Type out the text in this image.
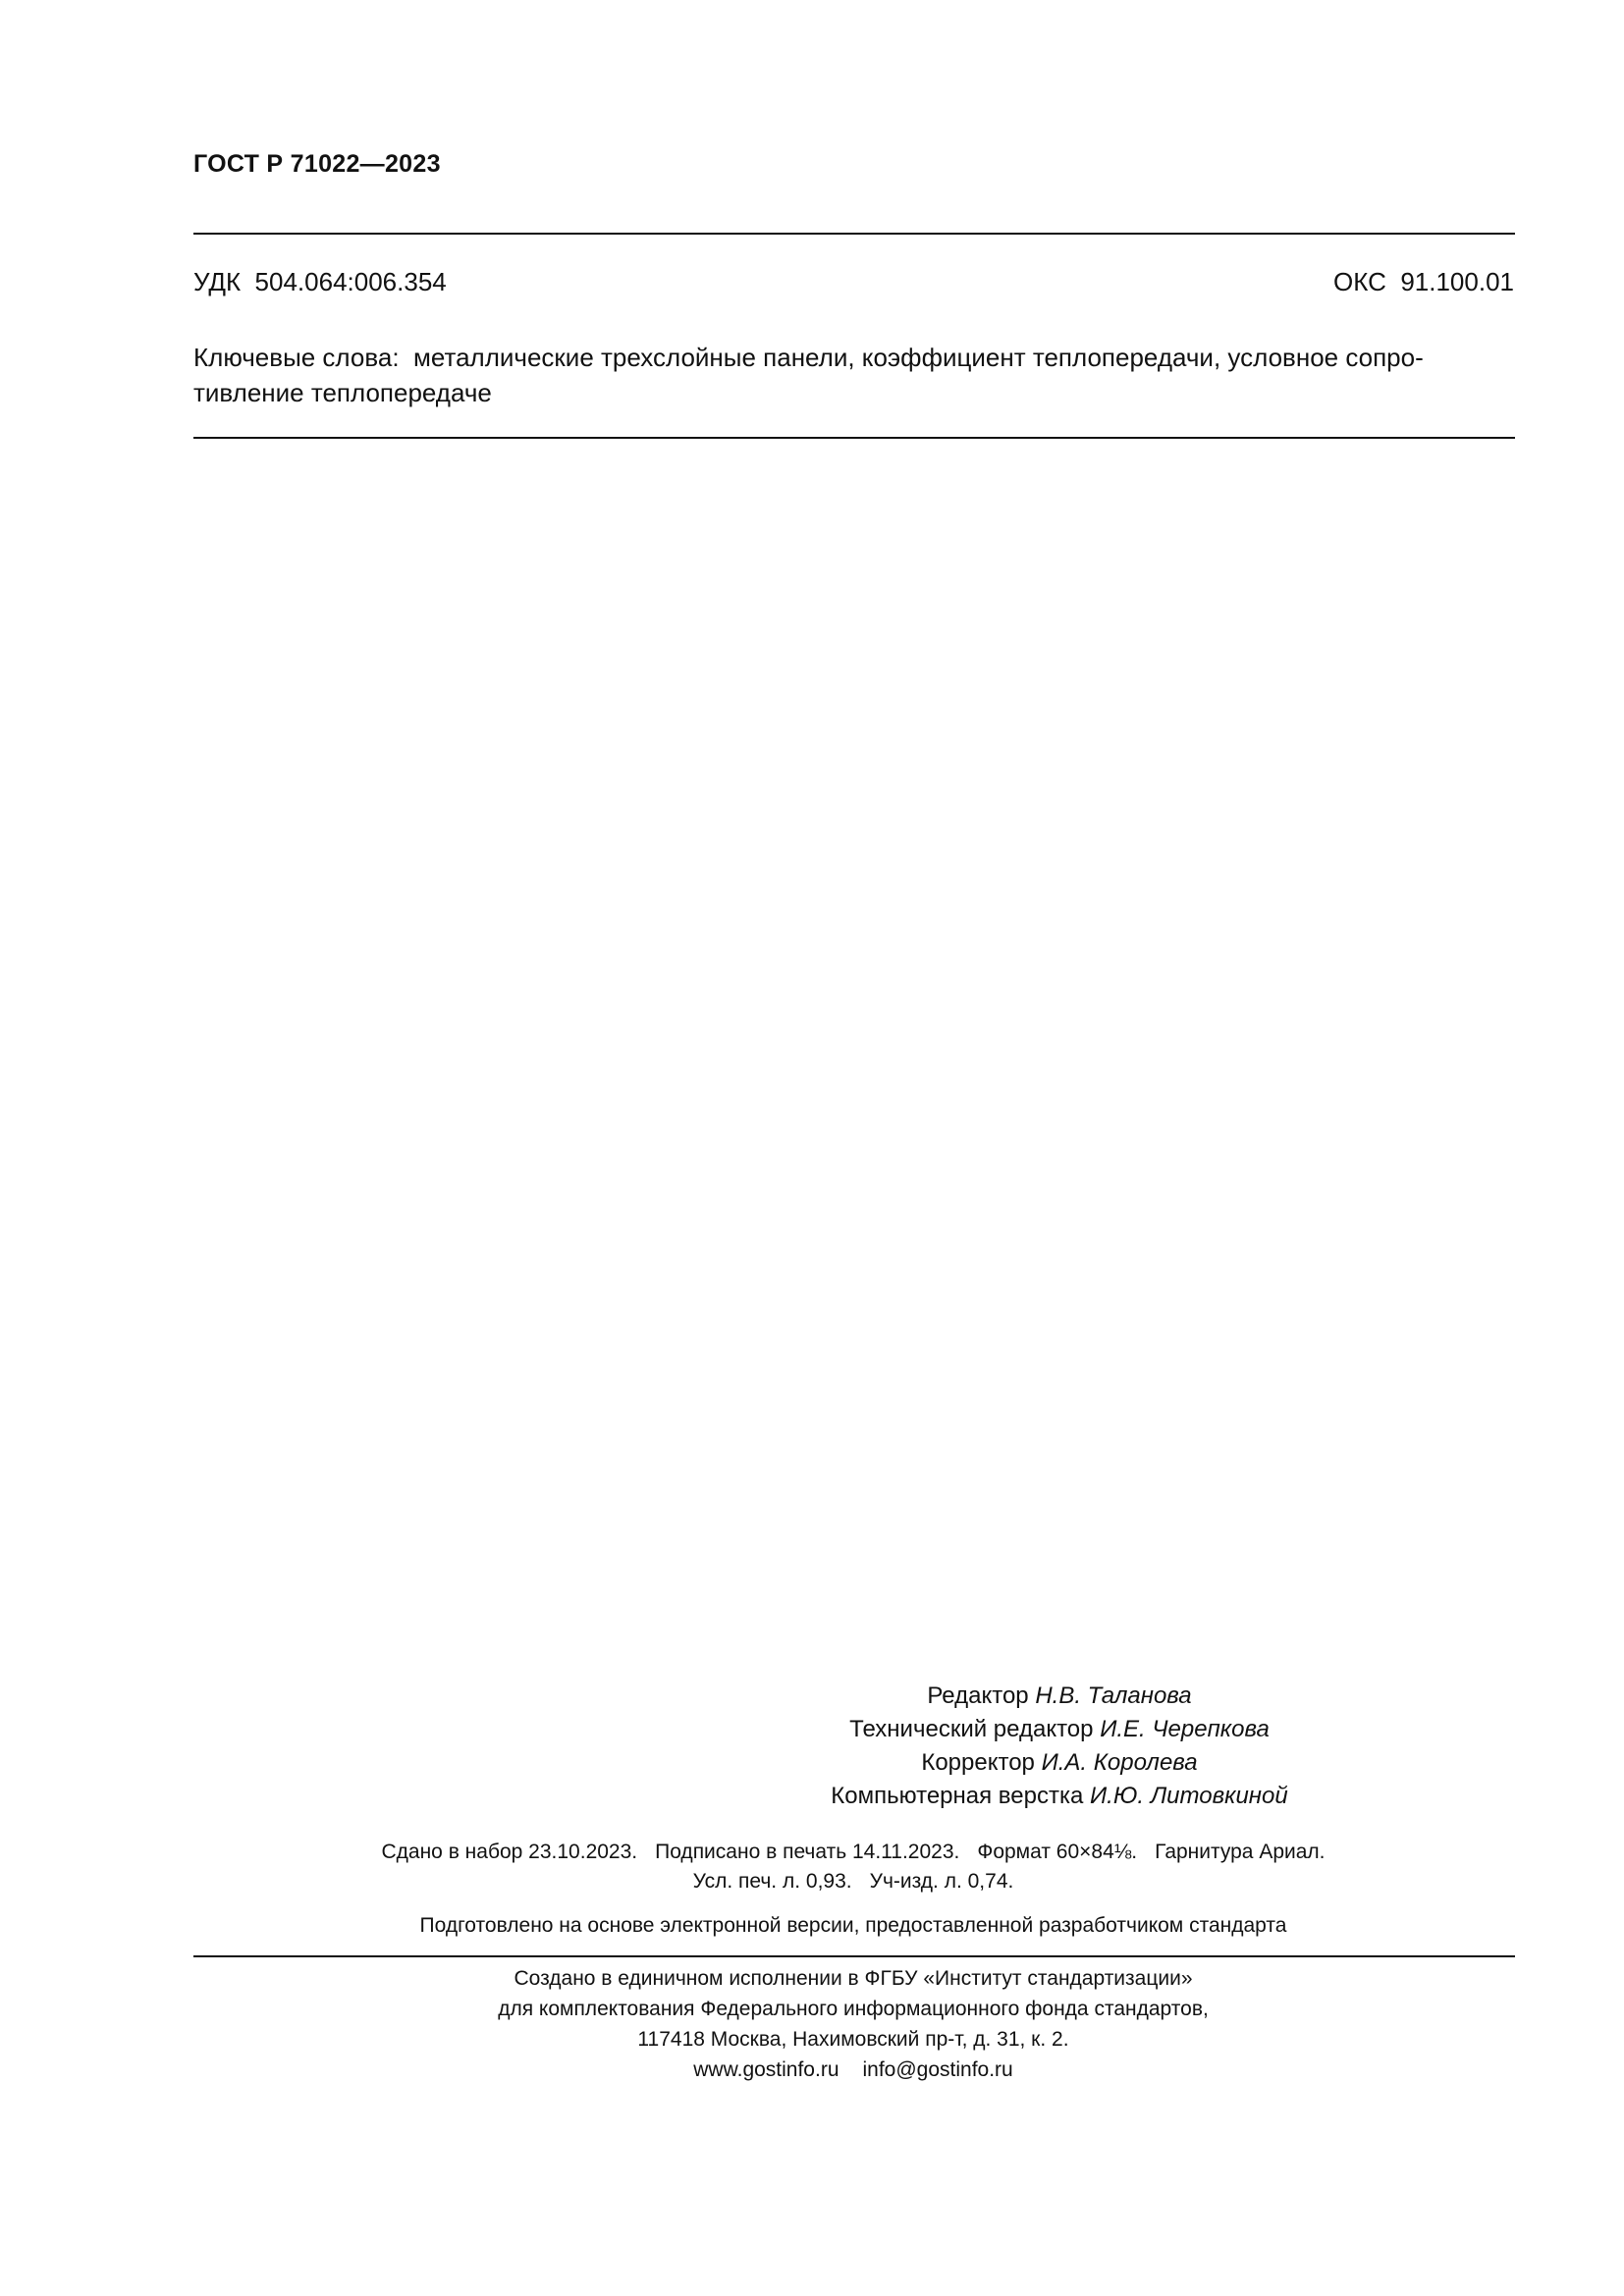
ГОСТ Р 71022—2023
УДК  504.064:006.354	ОКС  91.100.01
Ключевые слова:  металлические трехслойные панели, коэффициент теплопередачи, условное сопро-
тивление теплопередаче
Редактор Н.В. Таланова
Технический редактор И.Е. Черепкова
Корректор И.А. Королева
Компьютерная верстка И.Ю. Литовкиной
Сдано в набор 23.10.2023. Подписано в печать 14.11.2023. Формат 60×84⅛. Гарнитура Ариал.
Усл. печ. л. 0,93. Уч-изд. л. 0,74.
Подготовлено на основе электронной версии, предоставленной разработчиком стандарта
Создано в единичном исполнении в ФГБУ «Институт стандартизации»
для комплектования Федерального информационного фонда стандартов,
117418 Москва, Нахимовский пр-т, д. 31, к. 2.
www.gostinfo.ru info@gostinfo.ru
